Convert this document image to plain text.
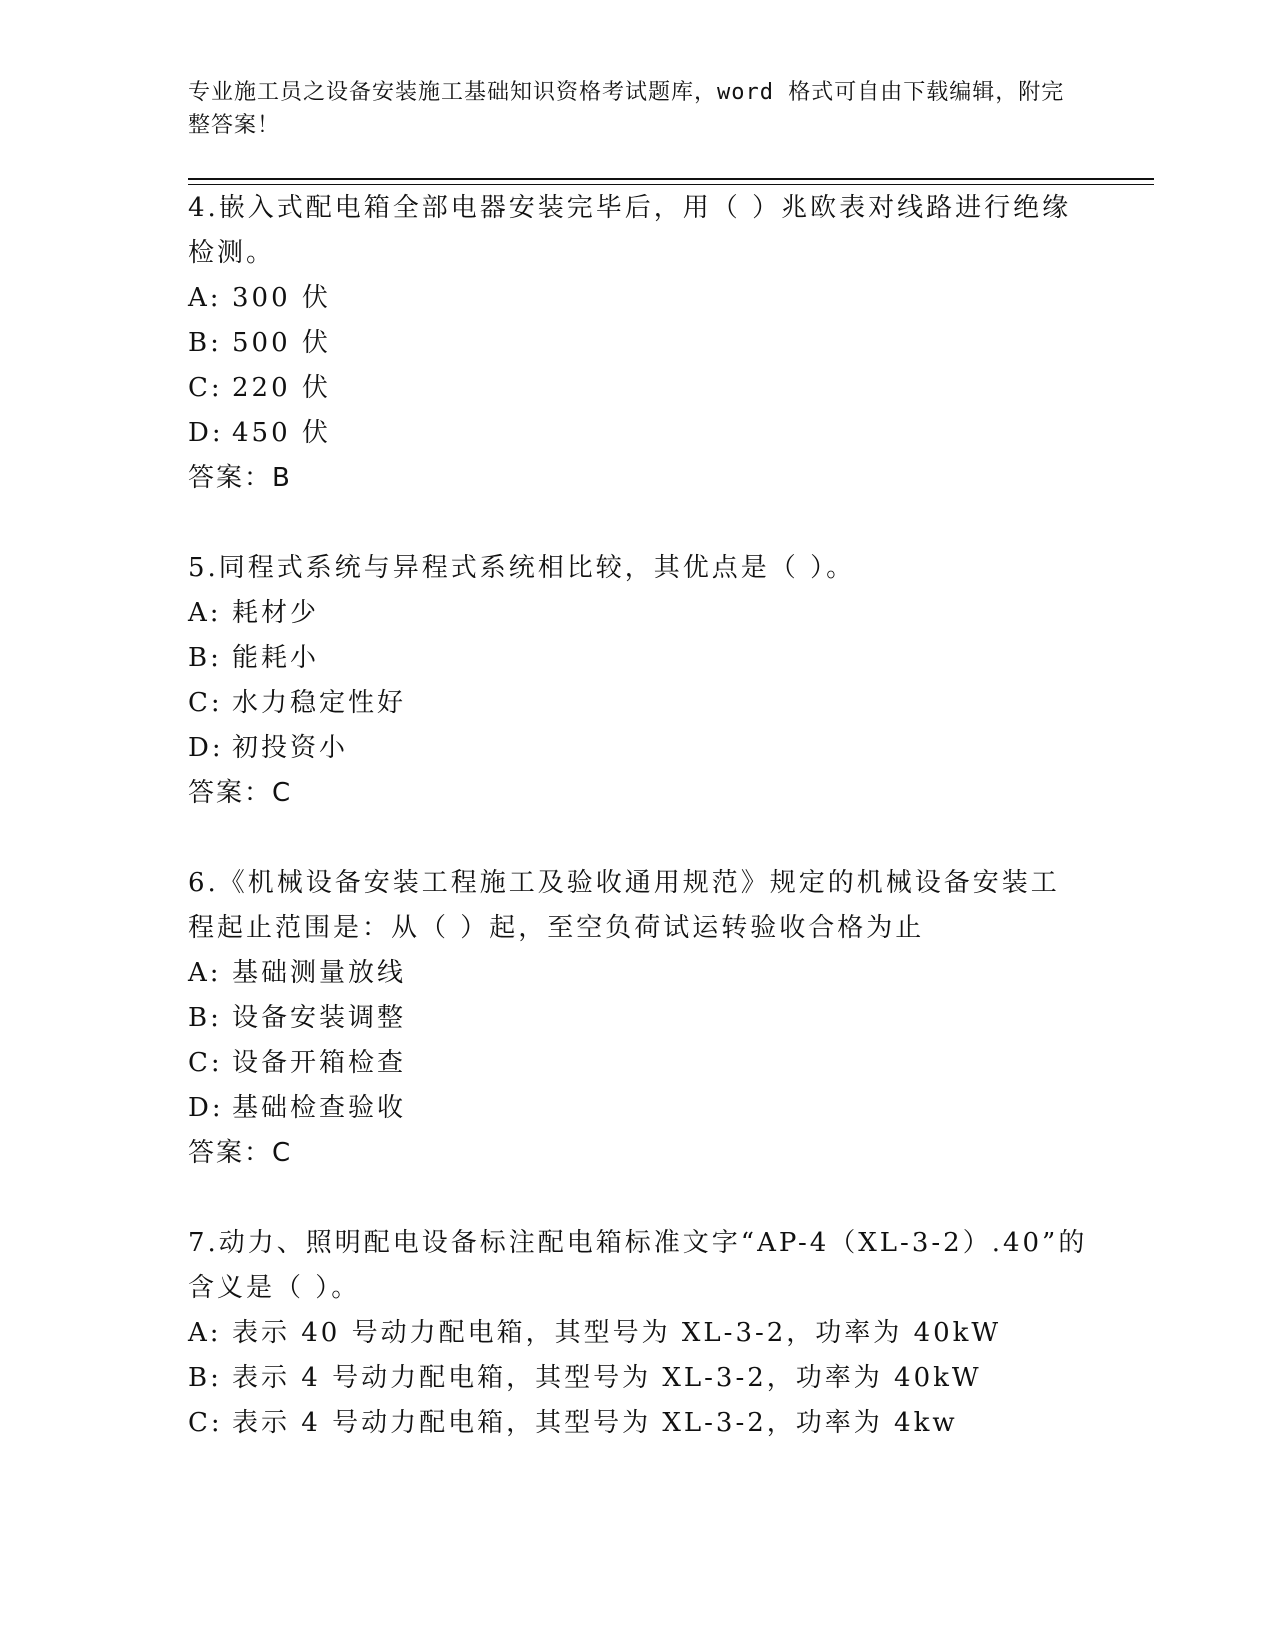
专业施工员之设备安装施工基础知识资格考试题库，word 格式可自由下载编辑，附完整答案！

4.嵌入式配电箱全部电器安装完毕后，用（ ）兆欧表对线路进行绝缘检测。

A: 300 伏

B: 500 伏

C: 220 伏

D: 450 伏

答案：B

5.同程式系统与异程式系统相比较，其优点是（ ）。

A: 耗材少

B: 能耗小

C: 水力稳定性好

D: 初投资小

答案：C

6.《机械设备安装工程施工及验收通用规范》规定的机械设备安装工程起止范围是：从（ ）起，至空负荷试运转验收合格为止

A: 基础测量放线

B: 设备安装调整

C: 设备开箱检查

D: 基础检查验收

答案：C

7.动力、照明配电设备标注配电箱标准文字“AP-4（XL-3-2）.40”的含义是（ ）。

A: 表示 40 号动力配电箱，其型号为 XL-3-2，功率为 40kW

B: 表示 4 号动力配电箱，其型号为 XL-3-2，功率为 40kW

C: 表示 4 号动力配电箱，其型号为 XL-3-2，功率为 4kw
